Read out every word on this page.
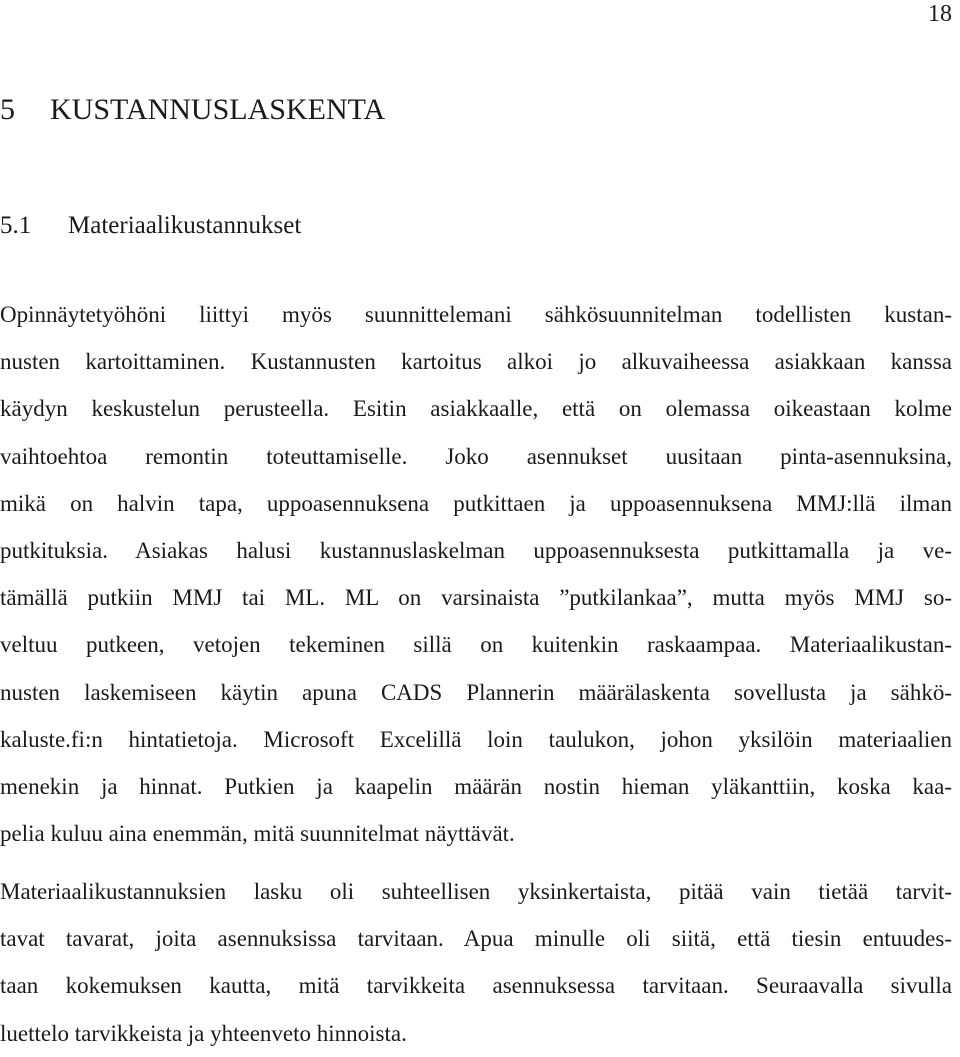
18
5 KUSTANNUSLASKENTA
5.1 Materiaalikustannukset
Opinnäytetyöhöni liittyi myös suunnittelemani sähkösuunnitelman todellisten kustan-
nusten kartoittaminen. Kustannusten kartoitus alkoi jo alkuvaiheessa asiakkaan kanssa
käydyn keskustelun perusteella. Esitin asiakkaalle, että on olemassa oikeastaan kolme
vaihtoehtoa remontin toteuttamiselle. Joko asennukset uusitaan pinta-asennuksina,
mikä on halvin tapa, uppoasennuksena putkittaen ja uppoasennuksena MMJ:llä ilman
putkituksia. Asiakas halusi kustannuslaskelman uppoasennuksesta putkittamalla ja ve-
tämällä putkiin MMJ tai ML. ML on varsinaista ”putkilankaa”, mutta myös MMJ so-
veltuu putkeen, vetojen tekeminen sillä on kuitenkin raskaampaa. Materiaalikustan-
nusten laskemiseen käytin apuna CADS Plannerin määrälaskenta sovellusta ja sähkö-
kaluste.fi:n hintatietoja. Microsoft Excelillä loin taulukon, johon yksilöin materiaalien
menekin ja hinnat. Putkien ja kaapelin määrän nostin hieman yläkanttiin, koska kaa-
pelia kuluu aina enemmän, mitä suunnitelmat näyttävät.
Materiaalikustannuksien lasku oli suhteellisen yksinkertaista, pitää vain tietää tarvit-
tavat tavarat, joita asennuksissa tarvitaan. Apua minulle oli siitä, että tiesin entuudes-
taan kokemuksen kautta, mitä tarvikkeita asennuksessa tarvitaan. Seuraavalla sivulla
luettelo tarvikkeista ja yhteenveto hinnoista.
